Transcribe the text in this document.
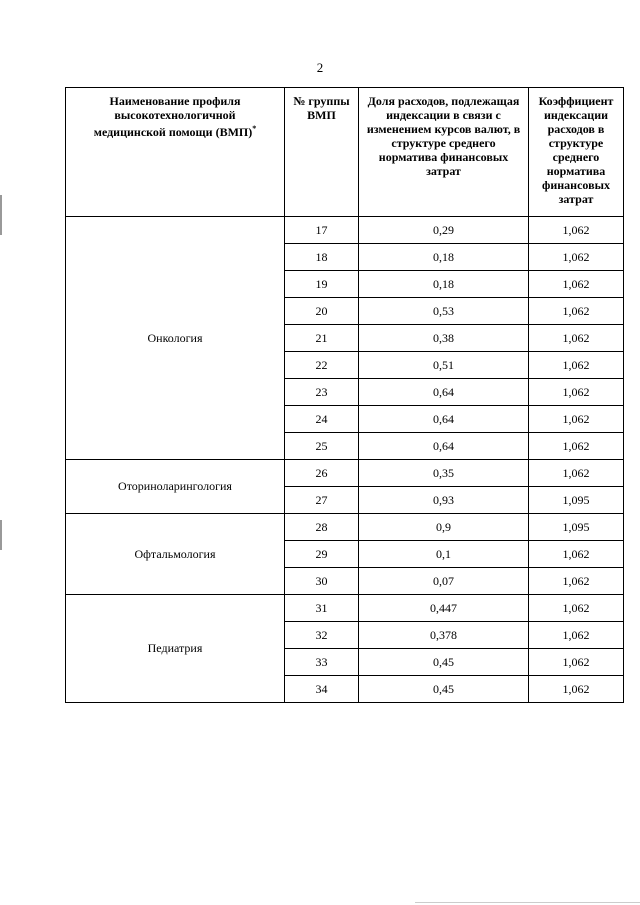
2
Наименование профиля высокотехнологичной медицинской помощи (ВМП)*	№ группы ВМП	Доля расходов, подлежащая индексации в связи с изменением курсов валют, в структуре среднего норматива финансовых затрат	Коэффициент индексации расходов в структуре среднего норматива финансовых затрат
Онкология	17	0,29	1,062
	18	0,18	1,062
	19	0,18	1,062
	20	0,53	1,062
	21	0,38	1,062
	22	0,51	1,062
	23	0,64	1,062
	24	0,64	1,062
	25	0,64	1,062
Оториноларингология	26	0,35	1,062
	27	0,93	1,095
Офтальмология	28	0,9	1,095
	29	0,1	1,062
	30	0,07	1,062
Педиатрия	31	0,447	1,062
	32	0,378	1,062
	33	0,45	1,062
	34	0,45	1,062
